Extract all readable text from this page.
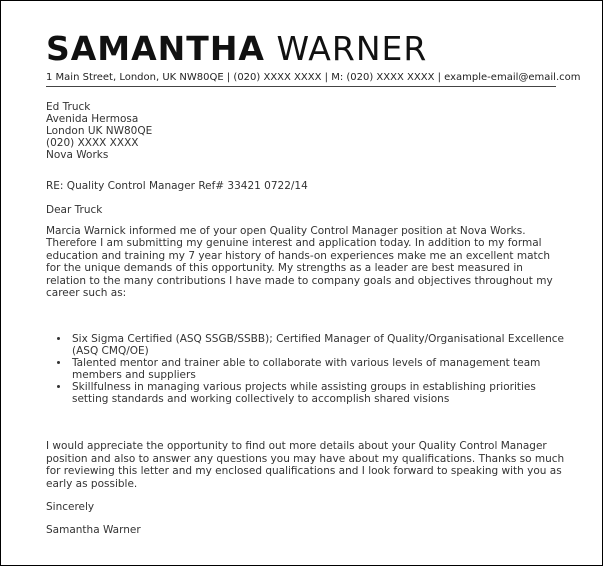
SAMANTHA WARNER
1 Main Street, London, UK NW80QE | (020) XXXX XXXX | M: (020) XXXX XXXX | example-email@email.com
Ed Truck
Avenida Hermosa
London UK NW80QE
(020) XXXX XXXX
Nova Works
RE: Quality Control Manager Ref# 33421 0722/14
Dear Truck
Marcia Warnick informed me of your open Quality Control Manager position at Nova Works. Therefore I am submitting my genuine interest and application today. In addition to my formal education and training my 7 year history of hands-on experiences make me an excellent match for the unique demands of this opportunity. My strengths as a leader are best measured in relation to the many contributions I have made to company goals and objectives throughout my career such as:
• Six Sigma Certified (ASQ SSGB/SSBB); Certified Manager of Quality/Organisational Excellence (ASQ CMQ/OE)
• Talented mentor and trainer able to collaborate with various levels of management team members and suppliers
• Skillfulness in managing various projects while assisting groups in establishing priorities setting standards and working collectively to accomplish shared visions
I would appreciate the opportunity to find out more details about your Quality Control Manager position and also to answer any questions you may have about my qualifications. Thanks so much for reviewing this letter and my enclosed qualifications and I look forward to speaking with you as early as possible.
Sincerely
Samantha Warner
